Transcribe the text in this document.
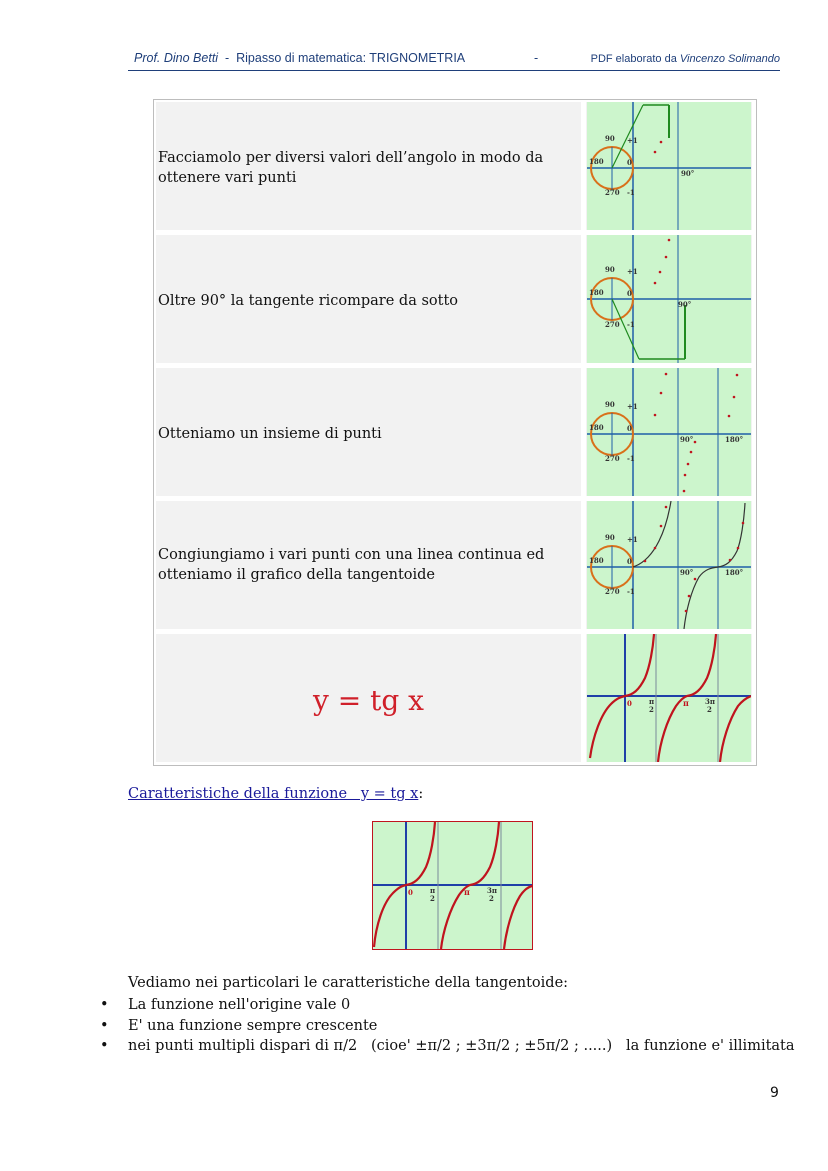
Prof. Dino Betti  -  Ripasso di matematica: TRIGNOMETRIA	-	PDF elaborato da Vincenzo Solimando
Facciamolo per diversi valori dell’angolo in modo da
ottenere vari punti
90
180
270
0
+1
-1
90°
Oltre 90° la tangente ricompare da sotto
90
180
270
0
+1
-1
90°
Otteniamo un insieme di punti
90
180
270
0
+1
-1
90°	180°
Congiungiamo i vari punti con una linea continua ed
otteniamo il grafico della tangentoide
90
180
270
0
+1
-1
90°	180°
y = tg x	0 π
2
π 3π
2
Caratteristiche della funzione   y = tg x:
0 π
2
π 3π
2
Vediamo nei particolari le caratteristiche della tangentoide:
• La funzione nell'origine vale 0
• E' una funzione sempre crescente
• nei punti multipli dispari di π/2   (cioe' ±π/2 ; ±3π/2 ; ±5π/2 ; .....)   la funzione e' illimitata
9
